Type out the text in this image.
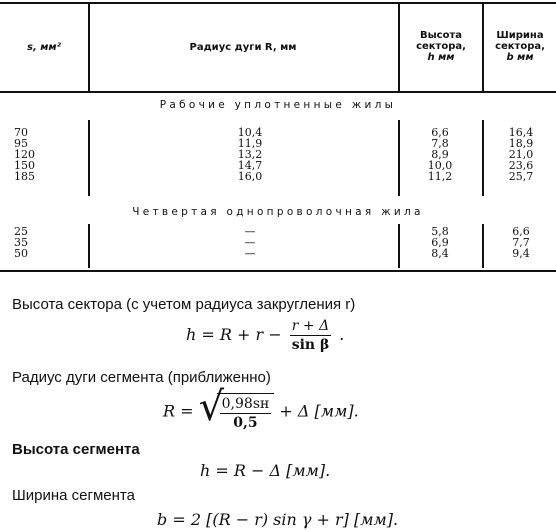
s, мм²	Радиус дуги R, мм
Высота
сектора,
h мм
Ширина
сектора,
b мм
Рабочие уплотненные жилы
70
95
120
150
185
10,4
11,9
13,2
14,7
16,0
6,6
7,8
8,9
10,0
11,2
16,4
18,9
21,0
23,6
25,7
Четвертая однопроволочная жила
25
35
50
—
—
—
5,8
6,9
8,4
6,6
7,7
9,4
Высота сектора (с учетом радиуса закругления r)
$h = R + r - \frac{r + \Delta}{\text{sin β}}$ .
Радиус дуги сегмента (приближенно)
R = √
$\frac{0,98sн}{0,5} + \Delta$ [мм].
Высота сегмента
h = R − Δ [мм].
Ширина сегмента
b = 2 [(R − r) sin γ + r] [мм].
